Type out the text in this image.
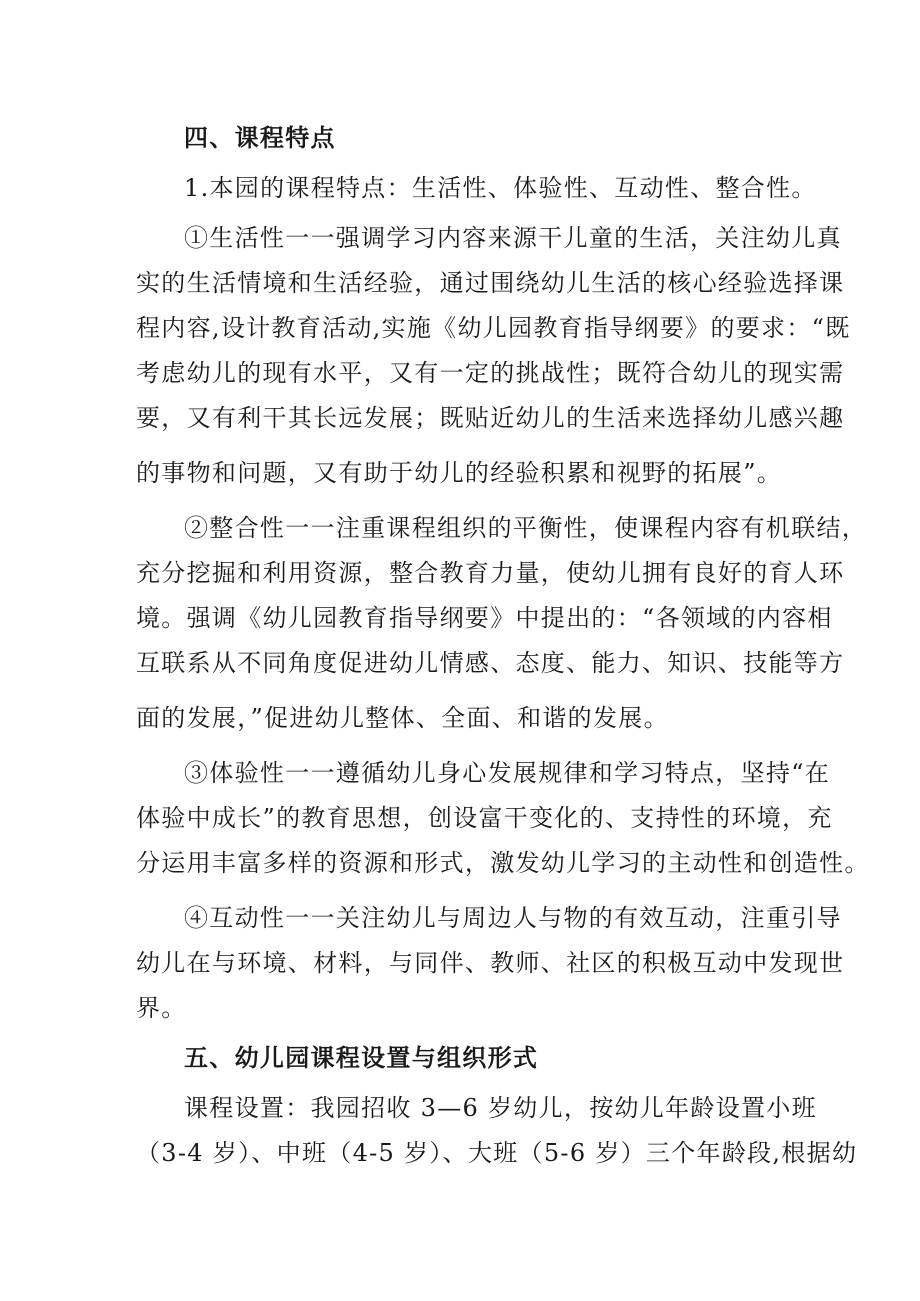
四、课程特点
1.本园的课程特点：生活性、体验性、互动性、整合性。
①生活性一一强调学习内容来源干儿童的生活，关注幼儿真
实的生活情境和生活经验，通过围绕幼儿生活的核心经验选择课
程内容,设计教育活动,实施《幼儿园教育指导纲要》的要求：“既
考虑幼儿的现有水平，又有一定的挑战性；既符合幼儿的现实需
要，又有利干其长远发展；既贴近幼儿的生活来选择幼儿感兴趣
的事物和问题，又有助于幼儿的经验积累和视野的拓展”。
②整合性一一注重课程组织的平衡性，使课程内容有机联结，
充分挖掘和利用资源，整合教育力量，使幼儿拥有良好的育人环
境。强调《幼儿园教育指导纲要》中提出的：“各领域的内容相
互联系从不同角度促进幼儿情感、态度、能力、知识、技能等方
面的发展，”促进幼儿整体、全面、和谐的发展。
③体验性一一遵循幼儿身心发展规律和学习特点，坚持“在
体验中成长”的教育思想，创设富干变化的、支持性的环境，充
分运用丰富多样的资源和形式，激发幼儿学习的主动性和创造性。
④互动性一一关注幼儿与周边人与物的有效互动，注重引导
幼儿在与环境、材料，与同伴、教师、社区的积极互动中发现世
界。
五、幼儿园课程设置与组织形式
课程设置：我园招收 3—6 岁幼儿，按幼儿年龄设置小班
（3-4 岁）、中班（4-5 岁）、大班（5-6 岁）三个年龄段,根据幼
